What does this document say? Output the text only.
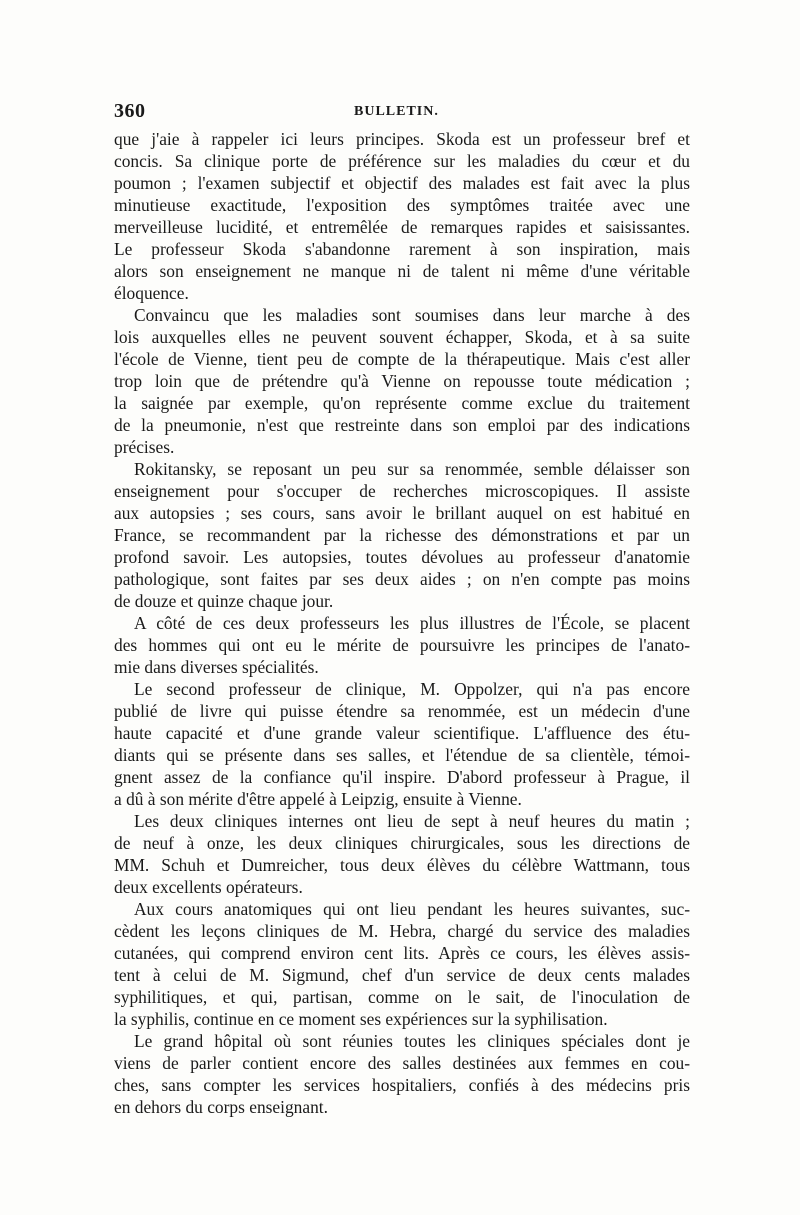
360	BULLETIN.
que j'aie à rappeler ici leurs principes. Skoda est un professeur bref et
concis. Sa clinique porte de préférence sur les maladies du cœur et du
poumon ; l'examen subjectif et objectif des malades est fait avec la plus
minutieuse exactitude, l'exposition des symptômes traitée avec une
merveilleuse lucidité, et entremêlée de remarques rapides et saisissantes.
Le professeur Skoda s'abandonne rarement à son inspiration, mais
alors son enseignement ne manque ni de talent ni même d'une véritable
éloquence.
Convaincu que les maladies sont soumises dans leur marche à des
lois auxquelles elles ne peuvent souvent échapper, Skoda, et à sa suite
l'école de Vienne, tient peu de compte de la thérapeutique. Mais c'est aller
trop loin que de prétendre qu'à Vienne on repousse toute médication ;
la saignée par exemple, qu'on représente comme exclue du traitement
de la pneumonie, n'est que restreinte dans son emploi par des indications
précises.
Rokitansky, se reposant un peu sur sa renommée, semble délaisser son
enseignement pour s'occuper de recherches microscopiques. Il assiste
aux autopsies ; ses cours, sans avoir le brillant auquel on est habitué en
France, se recommandent par la richesse des démonstrations et par un
profond savoir. Les autopsies, toutes dévolues au professeur d'anatomie
pathologique, sont faites par ses deux aides ; on n'en compte pas moins
de douze et quinze chaque jour.
A côté de ces deux professeurs les plus illustres de l'École, se placent
des hommes qui ont eu le mérite de poursuivre les principes de l'anato-
mie dans diverses spécialités.
Le second professeur de clinique, M. Oppolzer, qui n'a pas encore
publié de livre qui puisse étendre sa renommée, est un médecin d'une
haute capacité et d'une grande valeur scientifique. L'affluence des étu-
diants qui se présente dans ses salles, et l'étendue de sa clientèle, témoi-
gnent assez de la confiance qu'il inspire. D'abord professeur à Prague, il
a dû à son mérite d'être appelé à Leipzig, ensuite à Vienne.
Les deux cliniques internes ont lieu de sept à neuf heures du matin ;
de neuf à onze, les deux cliniques chirurgicales, sous les directions de
MM. Schuh et Dumreicher, tous deux élèves du célèbre Wattmann, tous
deux excellents opérateurs.
Aux cours anatomiques qui ont lieu pendant les heures suivantes, suc-
cèdent les leçons cliniques de M. Hebra, chargé du service des maladies
cutanées, qui comprend environ cent lits. Après ce cours, les élèves assis-
tent à celui de M. Sigmund, chef d'un service de deux cents malades
syphilitiques, et qui, partisan, comme on le sait, de l'inoculation de
la syphilis, continue en ce moment ses expériences sur la syphilisation.
Le grand hôpital où sont réunies toutes les cliniques spéciales dont je
viens de parler contient encore des salles destinées aux femmes en cou-
ches, sans compter les services hospitaliers, confiés à des médecins pris
en dehors du corps enseignant.
